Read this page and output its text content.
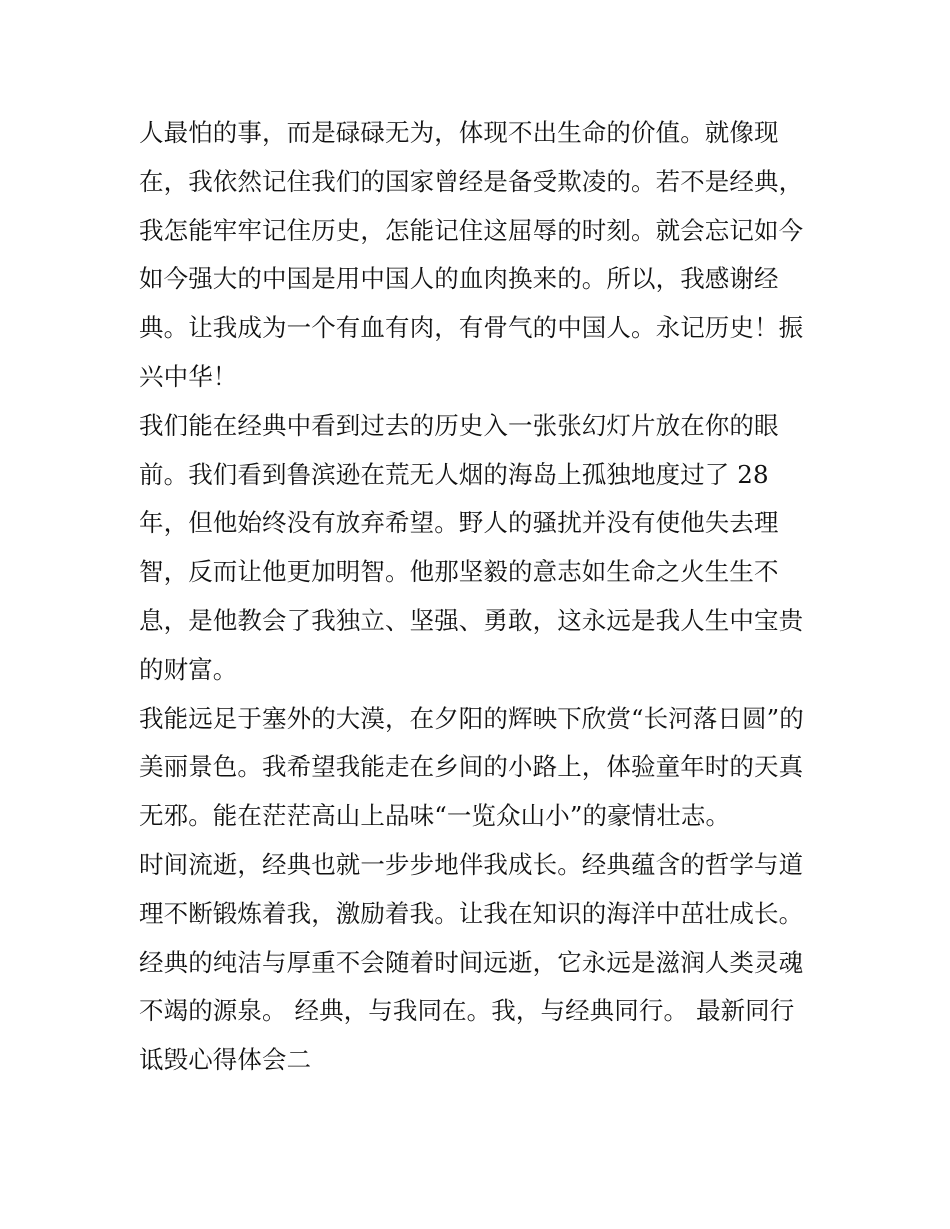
人最怕的事，而是碌碌无为，体现不出生命的价值。就像现
在，我依然记住我们的国家曾经是备受欺凌的。若不是经典，
我怎能牢牢记住历史，怎能记住这屈辱的时刻。就会忘记如今
如今强大的中国是用中国人的血肉换来的。所以，我感谢经
典。让我成为一个有血有肉，有骨气的中国人。永记历史！振
兴中华！
我们能在经典中看到过去的历史入一张张幻灯片放在你的眼
前。我们看到鲁滨逊在荒无人烟的海岛上孤独地度过了 28
年，但他始终没有放弃希望。野人的骚扰并没有使他失去理
智，反而让他更加明智。他那坚毅的意志如生命之火生生不
息，是他教会了我独立、坚强、勇敢，这永远是我人生中宝贵
的财富。
我能远足于塞外的大漠，在夕阳的辉映下欣赏“长河落日圆”的
美丽景色。我希望我能走在乡间的小路上，体验童年时的天真
无邪。能在茫茫高山上品味“一览众山小”的豪情壮志。
时间流逝，经典也就一步步地伴我成长。经典蕴含的哲学与道
理不断锻炼着我，激励着我。让我在知识的海洋中茁壮成长。
经典的纯洁与厚重不会随着时间远逝，它永远是滋润人类灵魂
不竭的源泉。 经典，与我同在。我，与经典同行。 最新同行
诋毁心得体会二
